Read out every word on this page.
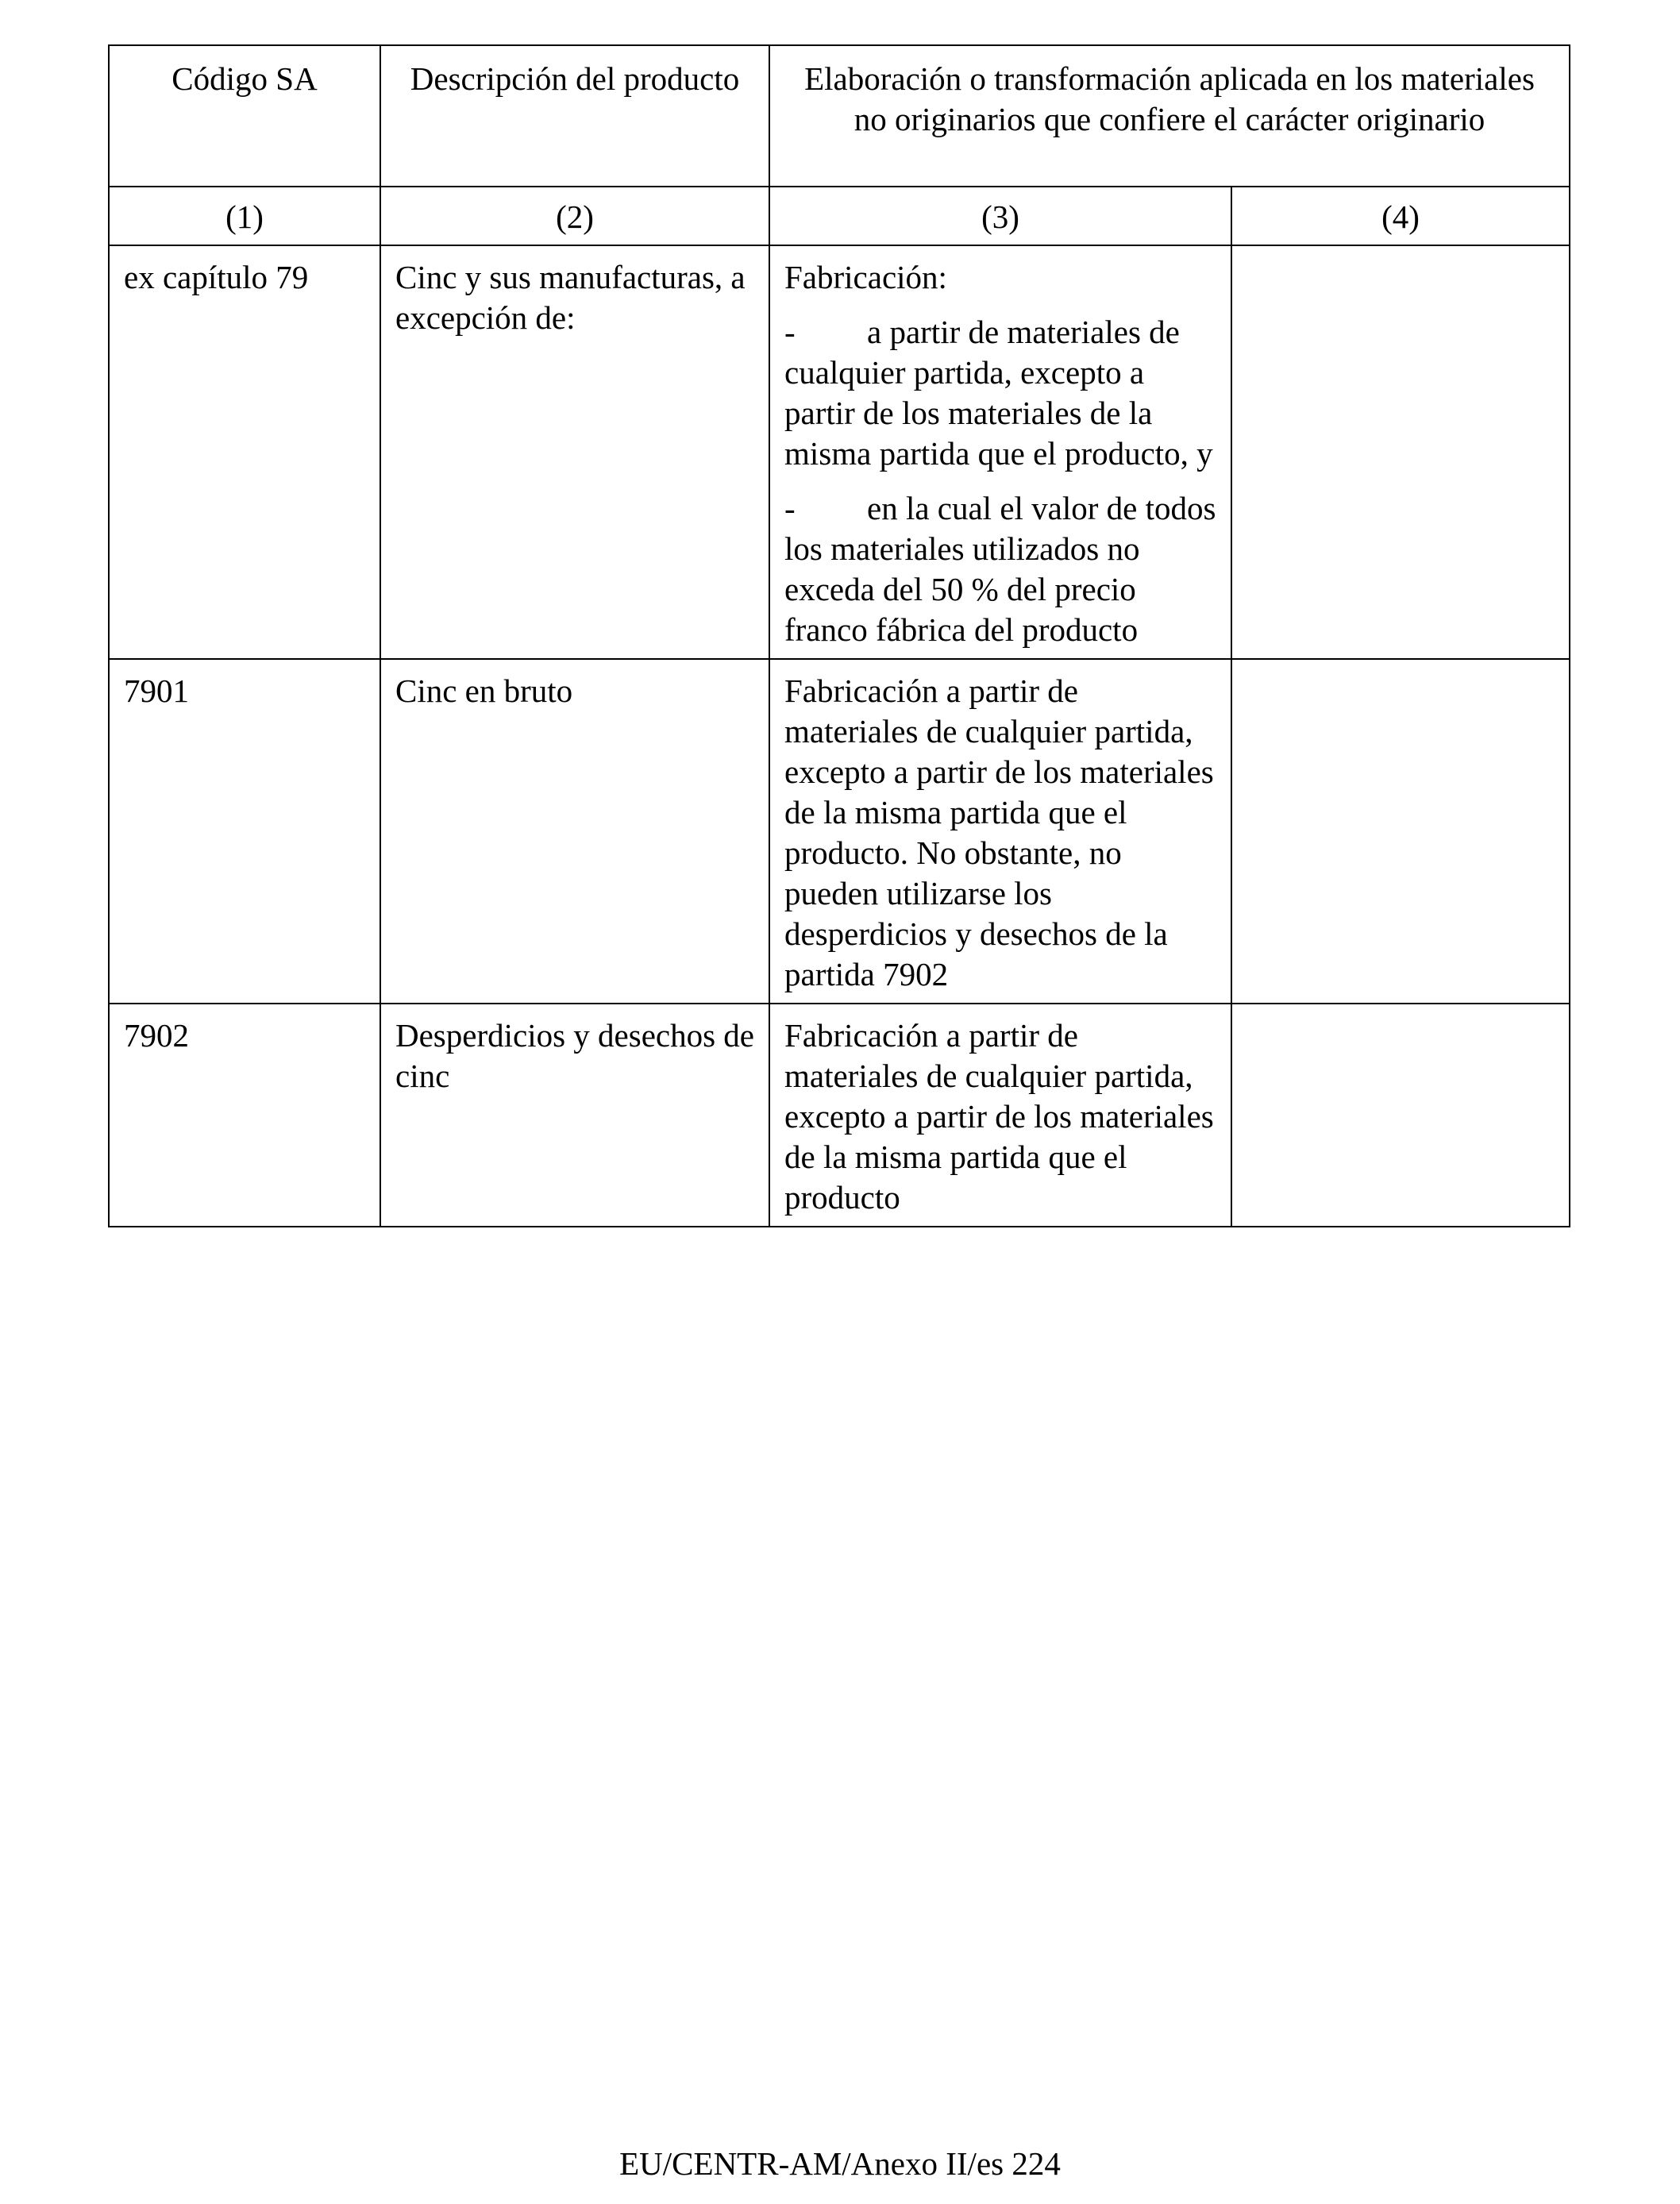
Código SA	Descripción del producto	Elaboración o transformación aplicada en los materiales no originarios que confiere el carácter originario	
(1)	(2)	(3)	(4)
ex capítulo 79	Cinc y sus manufacturas, a excepción de:	Fabricación:

- a partir de materiales de cualquier partida, excepto a partir de los materiales de la misma partida que el producto, y

- en la cual el valor de todos los materiales utilizados no exceda del 50 % del precio franco fábrica del producto	

7901	Cinc en bruto	Fabricación a partir de materiales de cualquier partida, excepto a partir de los materiales de la misma partida que el producto. No obstante, no pueden utilizarse los desperdicios y desechos de la partida 7902	
7902	Desperdicios y desechos de cinc	Fabricación a partir de materiales de cualquier partida, excepto a partir de los materiales de la misma partida que el producto	
EU/CENTR-AM/Anexo II/es 224
